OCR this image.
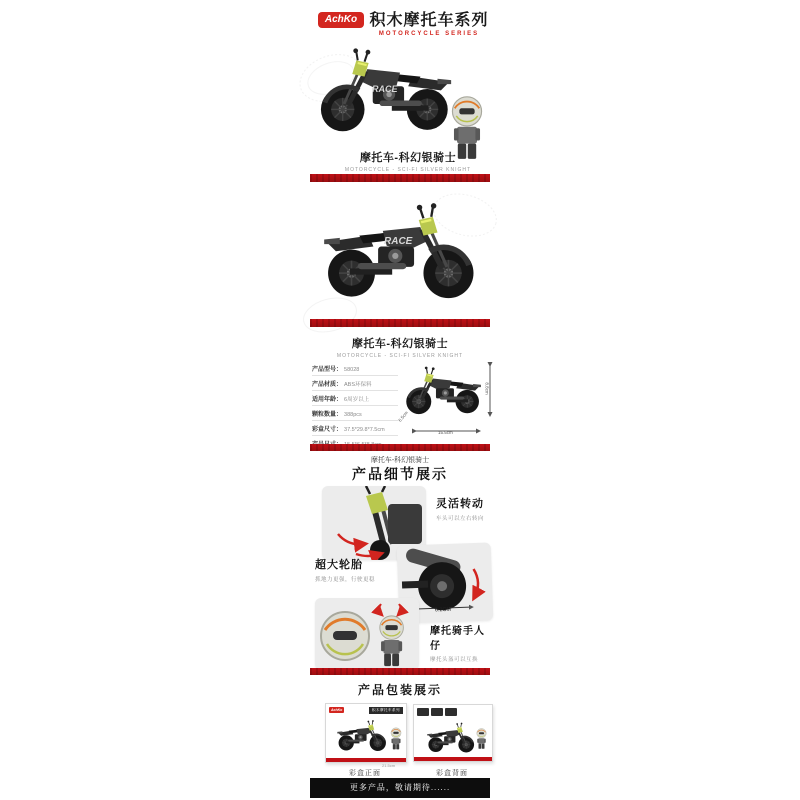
AchKo 积木摩托车系列
MOTORCYCLE SERIES
RACE
摩托车-科幻银骑士
MOTORCYCLE - SCI-FI SILVER KNIGHT
RACE
摩托车-科幻银骑士
MOTORCYCLE - SCI-FI SILVER KNIGHT
产品型号： 58028
产品材质： ABS环保料
适用年龄： 6周岁以上
颗粒数量： 388pcs
彩盒尺寸： 37.5*29.8*7.5cm
8.8cm
15.5cm
6.5cm
摩托车-科幻银骑士
产品细节展示
灵活转动
车头可以左右转向
超大轮胎
抓地力更强，行驶更稳
6.2CM
摩托骑手人仔
摩托头盔可以互换
产品包装展示
AchKo	积木摩托车系列
21.5cm
彩盒正面	彩盒背面
更多产品，敬请期待......
